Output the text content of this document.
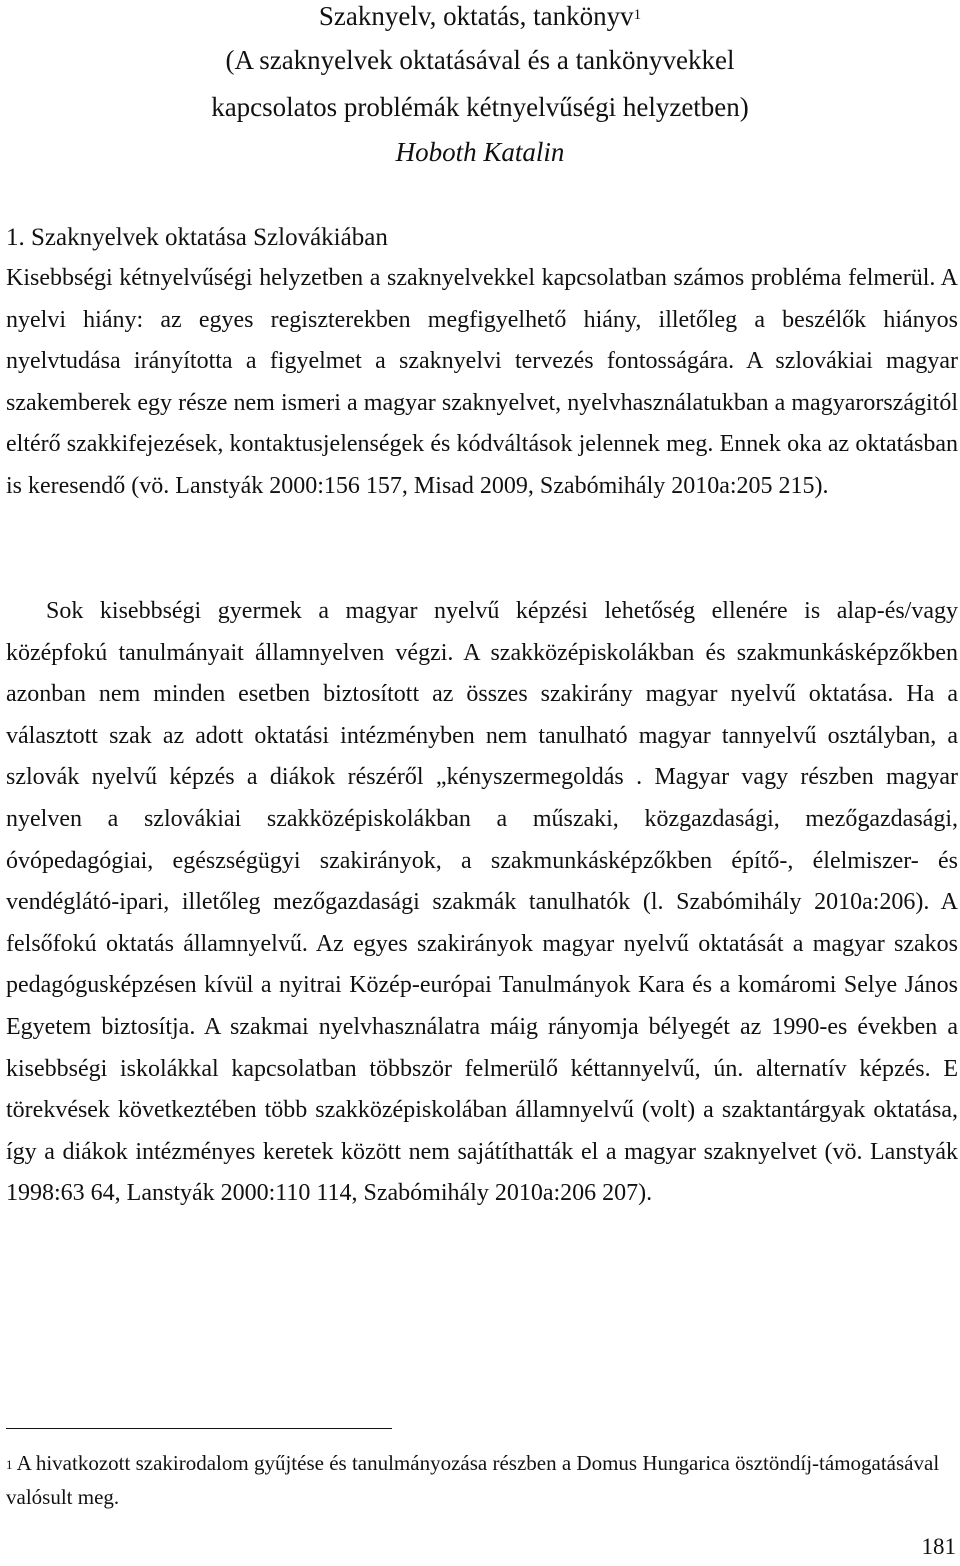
Szaknyelv, oktatás, tankönyv$^1$
(A szaknyelvek oktatásával és a tankönyvekkel
kapcsolatos problémák kétnyelvűségi helyzetben)
Hoboth Katalin
1. Szaknyelvek oktatása Szlovákiában

Kisebbségi kétnyelvűségi helyzetben a szaknyelvekkel kapcsolatban számos probléma felmerül. A nyelvi hiány: az egyes regiszterekben megfigyelhető hiány, illetőleg a beszélők hiányos nyelvtudása irányította a figyelmet a szaknyelvi tervezés fontosságára. A szlovákiai magyar szakemberek egy része nem ismeri a magyar szaknyelvet, nyelvhasználatukban a magyarországitól eltérő szakkifejezések, kontaktusjelenségek és kódváltások jelennek meg. Ennek oka az oktatásban is keresendő (vö. Lanstyák 2000:156 157, Misad 2009, Szabómihály 2010a:205 215).

Sok kisebbségi gyermek a magyar nyelvű képzési lehetőség ellenére is alap-és/vagy középfokú tanulmányait államnyelven végzi. A szakközépiskolákban és szakmunkásképzőkben azonban nem minden esetben biztosított az összes szakirány magyar nyelvű oktatása. Ha a választott szak az adott oktatási intézményben nem tanulható magyar tannyelvű osztályban, a szlovák nyelvű képzés a diákok részéről „kényszermegoldás . Magyar vagy részben magyar nyelven a szlovákiai szakközépiskolákban a műszaki, közgazdasági, mezőgazdasági, óvópedagógiai, egészségügyi szakirányok, a szakmunkásképzőkben építő-, élelmiszer- és vendéglátó-ipari, illetőleg mezőgazdasági szakmák tanulhatók (l. Szabómihály 2010a:206). A felsőfokú oktatás államnyelvű. Az egyes szakirányok magyar nyelvű oktatását a magyar szakos pedagógusképzésen kívül a nyitrai Közép-európai Tanulmányok Kara és a komáromi Selye János Egyetem biztosítja. A szakmai nyelvhasználatra máig rányomja bélyegét az 1990-es években a kisebbségi iskolákkal kapcsolatban többször felmerülő kéttannyelvű, ún. alternatív képzés. E törekvések következtében több szakközépiskolában államnyelvű (volt) a szaktantárgyak oktatása, így a diákok intézményes keretek között nem sajátíthatták el a magyar szaknyelvet (vö. Lanstyák 1998:63 64, Lanstyák 2000:110 114, Szabómihály 2010a:206 207).

$^1$ A hivatkozott szakirodalom gyűjtése és tanulmányozása részben a Domus Hungarica ösztöndíj-támogatásával valósult meg.
181
